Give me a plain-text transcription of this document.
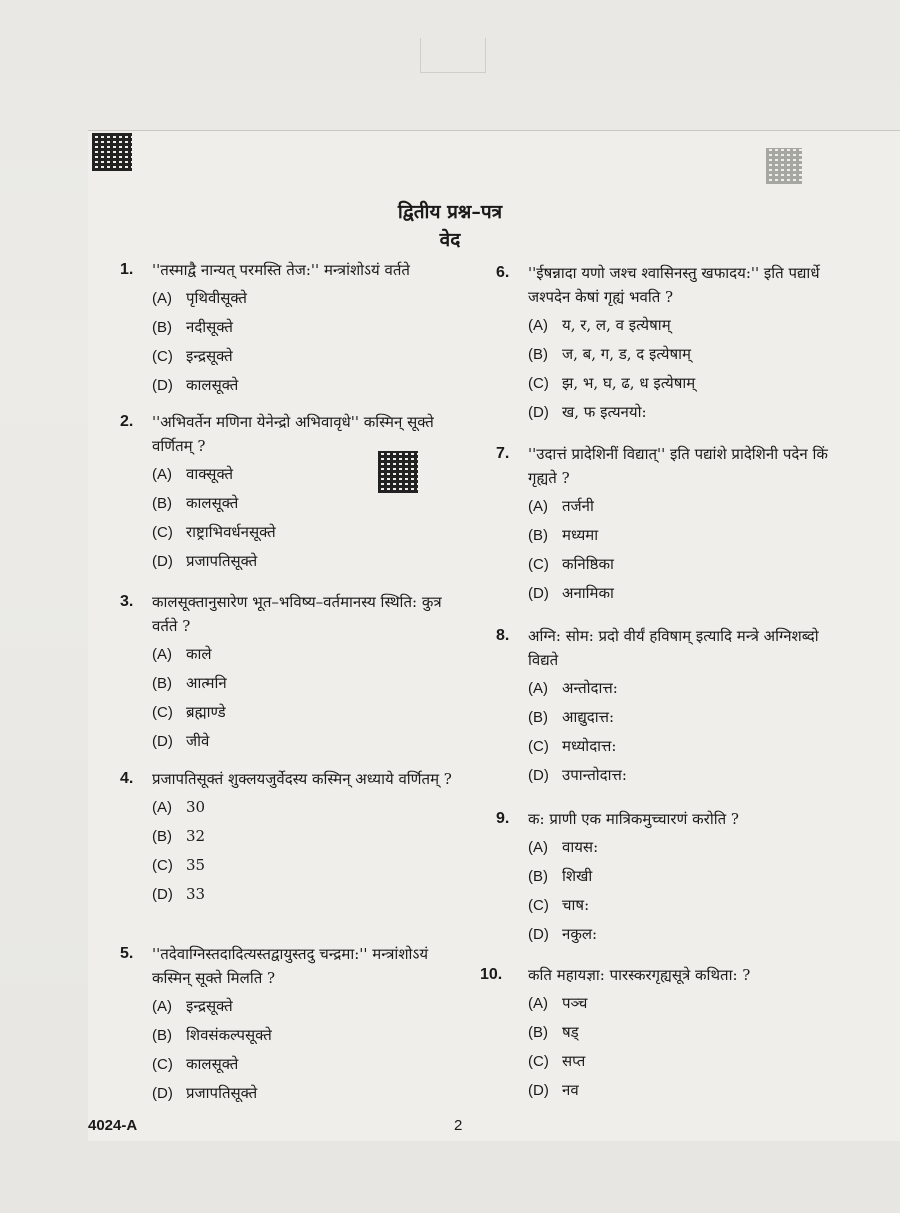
द्वितीय प्रश्न–पत्र
वेद
1. ''तस्माद्वै नान्यत् परमस्ति तेज:'' मन्त्रांशोऽयं वर्तते
(A) पृथिवीसूक्ते
(B) नदीसूक्ते
(C) इन्द्रसूक्ते
(D) कालसूक्ते
2. ''अभिवर्तेन मणिना येनेन्द्रो अभिवावृधे'' कस्मिन् सूक्ते वर्णितम् ?
(A) वाक्सूक्ते
(B) कालसूक्ते
(C) राष्ट्राभिवर्धनसूक्ते
(D) प्रजापतिसूक्ते
3. कालसूक्तानुसारेण भूत–भविष्य–वर्तमानस्य स्थिति: कुत्र वर्तते ?
(A) काले
(B) आत्मनि
(C) ब्रह्माण्डे
(D) जीवे
4. प्रजापतिसूक्तं शुक्लयजुर्वेदस्य कस्मिन् अध्याये वर्णितम् ?
(A) 30
(B) 32
(C) 35
(D) 33
5. ''तदेवाग्निस्तदादित्यस्तद्वायुस्तदु चन्द्रमा:'' मन्त्रांशोऽयं कस्मिन् सूक्ते मिलति ?
(A) इन्द्रसूक्ते
(B) शिवसंकल्पसूक्ते
(C) कालसूक्ते
(D) प्रजापतिसूक्ते
6. ''ईषन्नादा यणो जश्च श्वासिनस्तु खफादय:'' इति पद्यार्धे जश्पदेन केषां गृह्यं भवति ?
(A) य, र, ल, व इत्येषाम्
(B) ज, ब, ग, ड, द इत्येषाम्
(C) झ, भ, घ, ढ, ध इत्येषाम्
(D) ख, फ इत्यनयो:
7. ''उदात्तं प्रादेशिनीं विद्यात्'' इति पद्यांशे प्रादेशिनी पदेन किं गृह्यते ?
(A) तर्जनी
(B) मध्यमा
(C) कनिष्ठिका
(D) अनामिका
8. अग्नि: सोम: प्रदो वीर्यं हविषाम् इत्यादि मन्त्रे अग्निशब्दो विद्यते
(A) अन्तोदात्त:
(B) आद्युदात्त:
(C) मध्योदात्त:
(D) उपान्तोदात्त:
9. क: प्राणी एक मात्रिकमुच्चारणं करोति ?
(A) वायस:
(B) शिखी
(C) चाष:
(D) नकुल:
10. कति महायज्ञा: पारस्करगृह्यसूत्रे कथिता: ?
(A) पञ्च
(B) षड्
(C) सप्त
(D) नव
4024-A	2
